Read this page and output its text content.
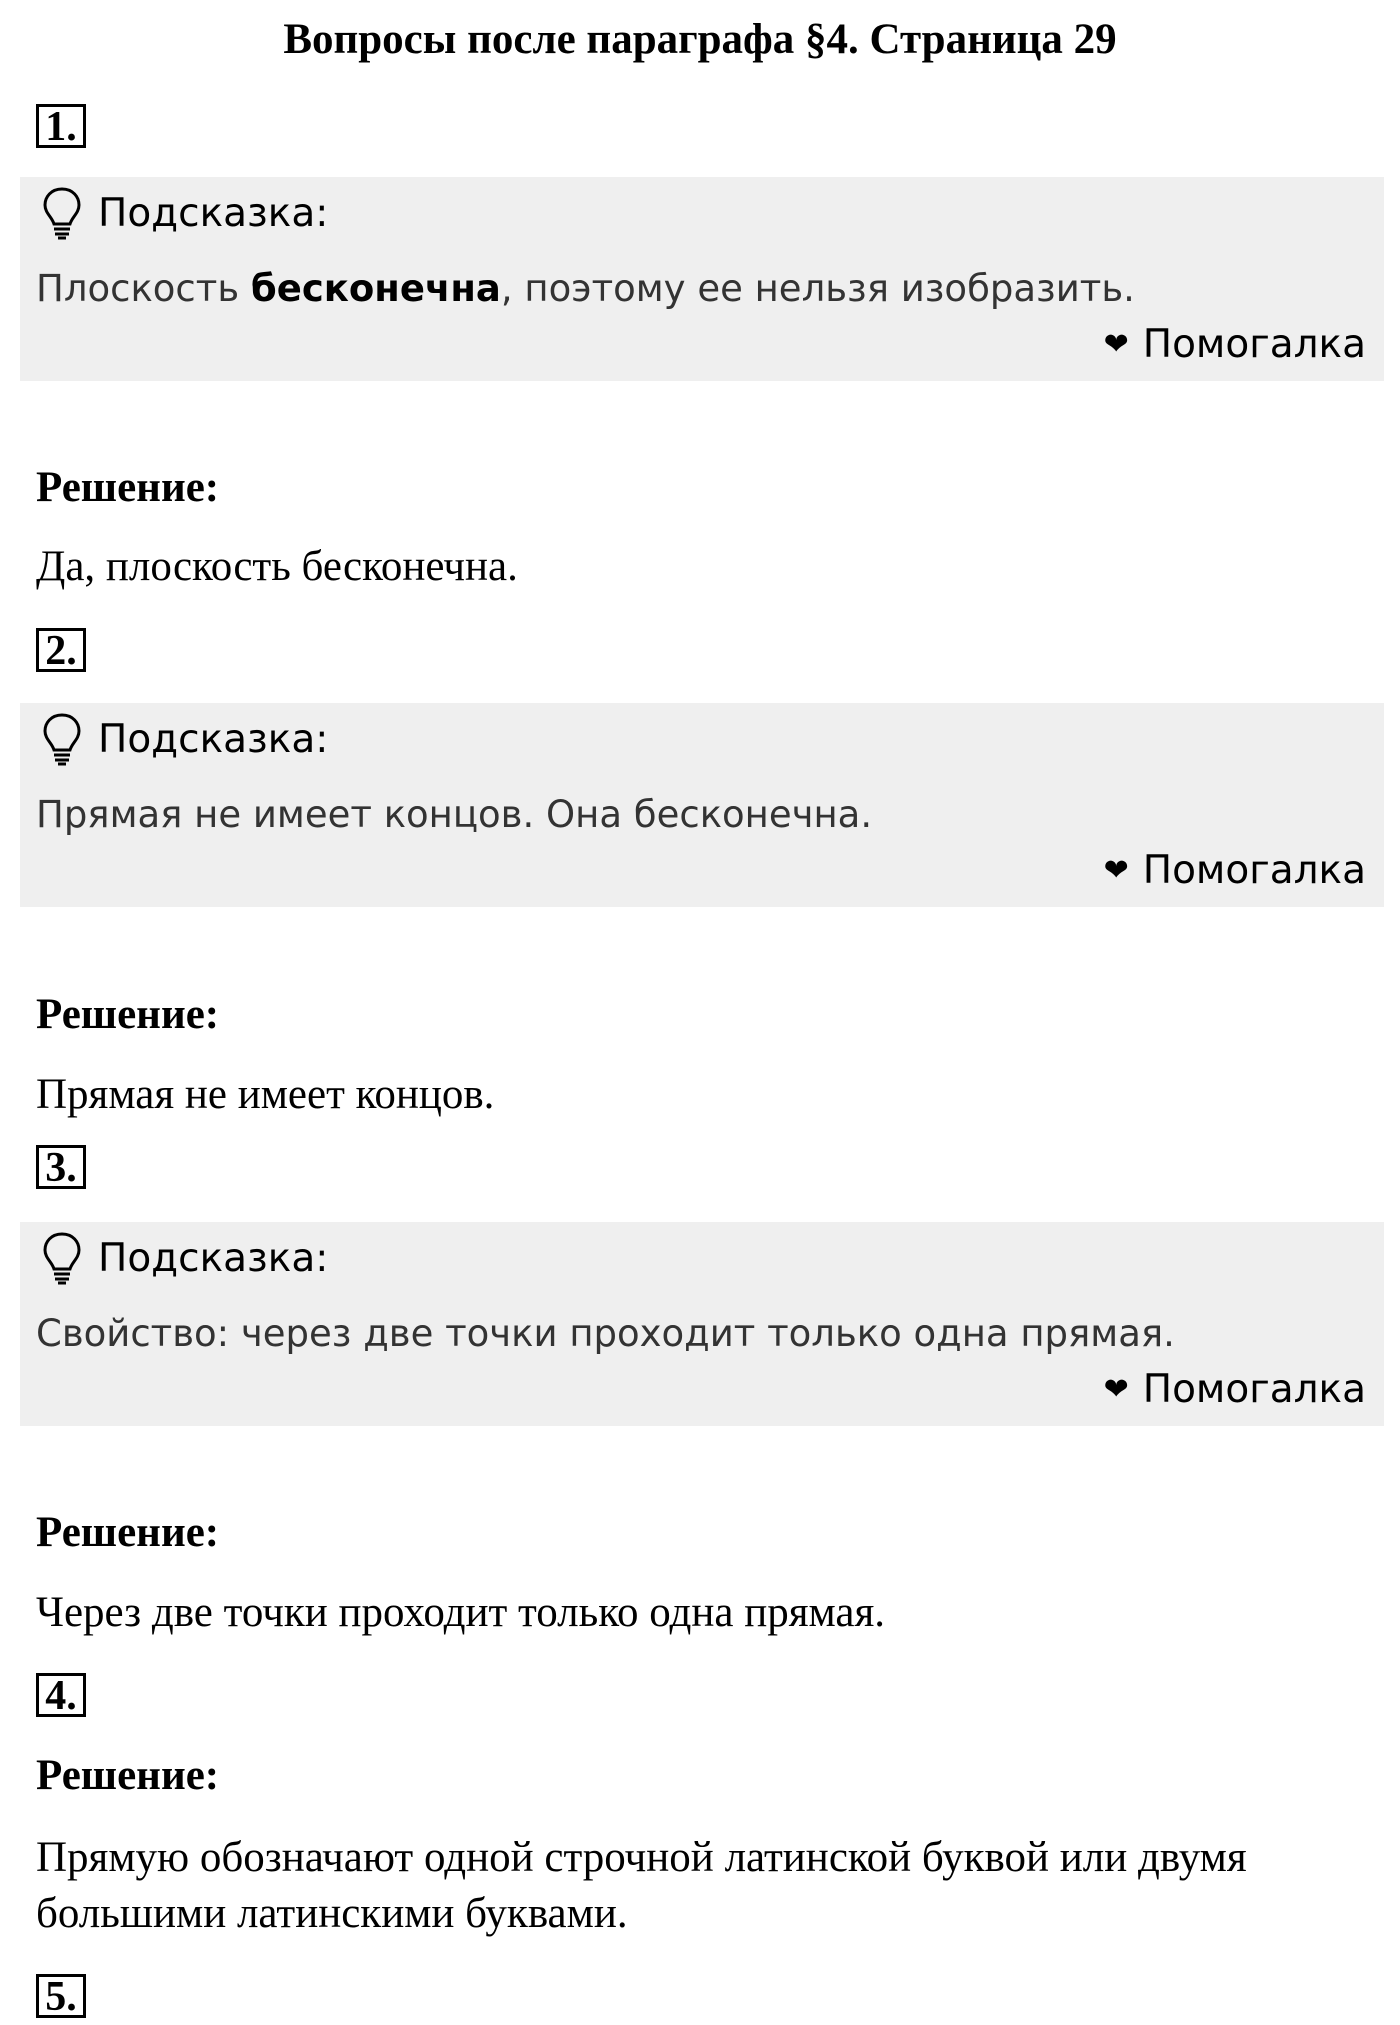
Вопросы после параграфа §4. Страница 29
1.
Подсказка:
Плоскость бесконечна, поэтому ее нельзя изобразить.
❤ Помогалка
Решение:
Да, плоскость бесконечна.
2.
Подсказка:
Прямая не имеет концов. Она бесконечна.
❤ Помогалка
Решение:
Прямая не имеет концов.
3.
Подсказка:
Свойство: через две точки проходит только одна прямая.
❤ Помогалка
Решение:
Через две точки проходит только одна прямая.
4.
Решение:
Прямую обозначают одной строчной латинской буквой или двумя
большими латинскими буквами.
5.
